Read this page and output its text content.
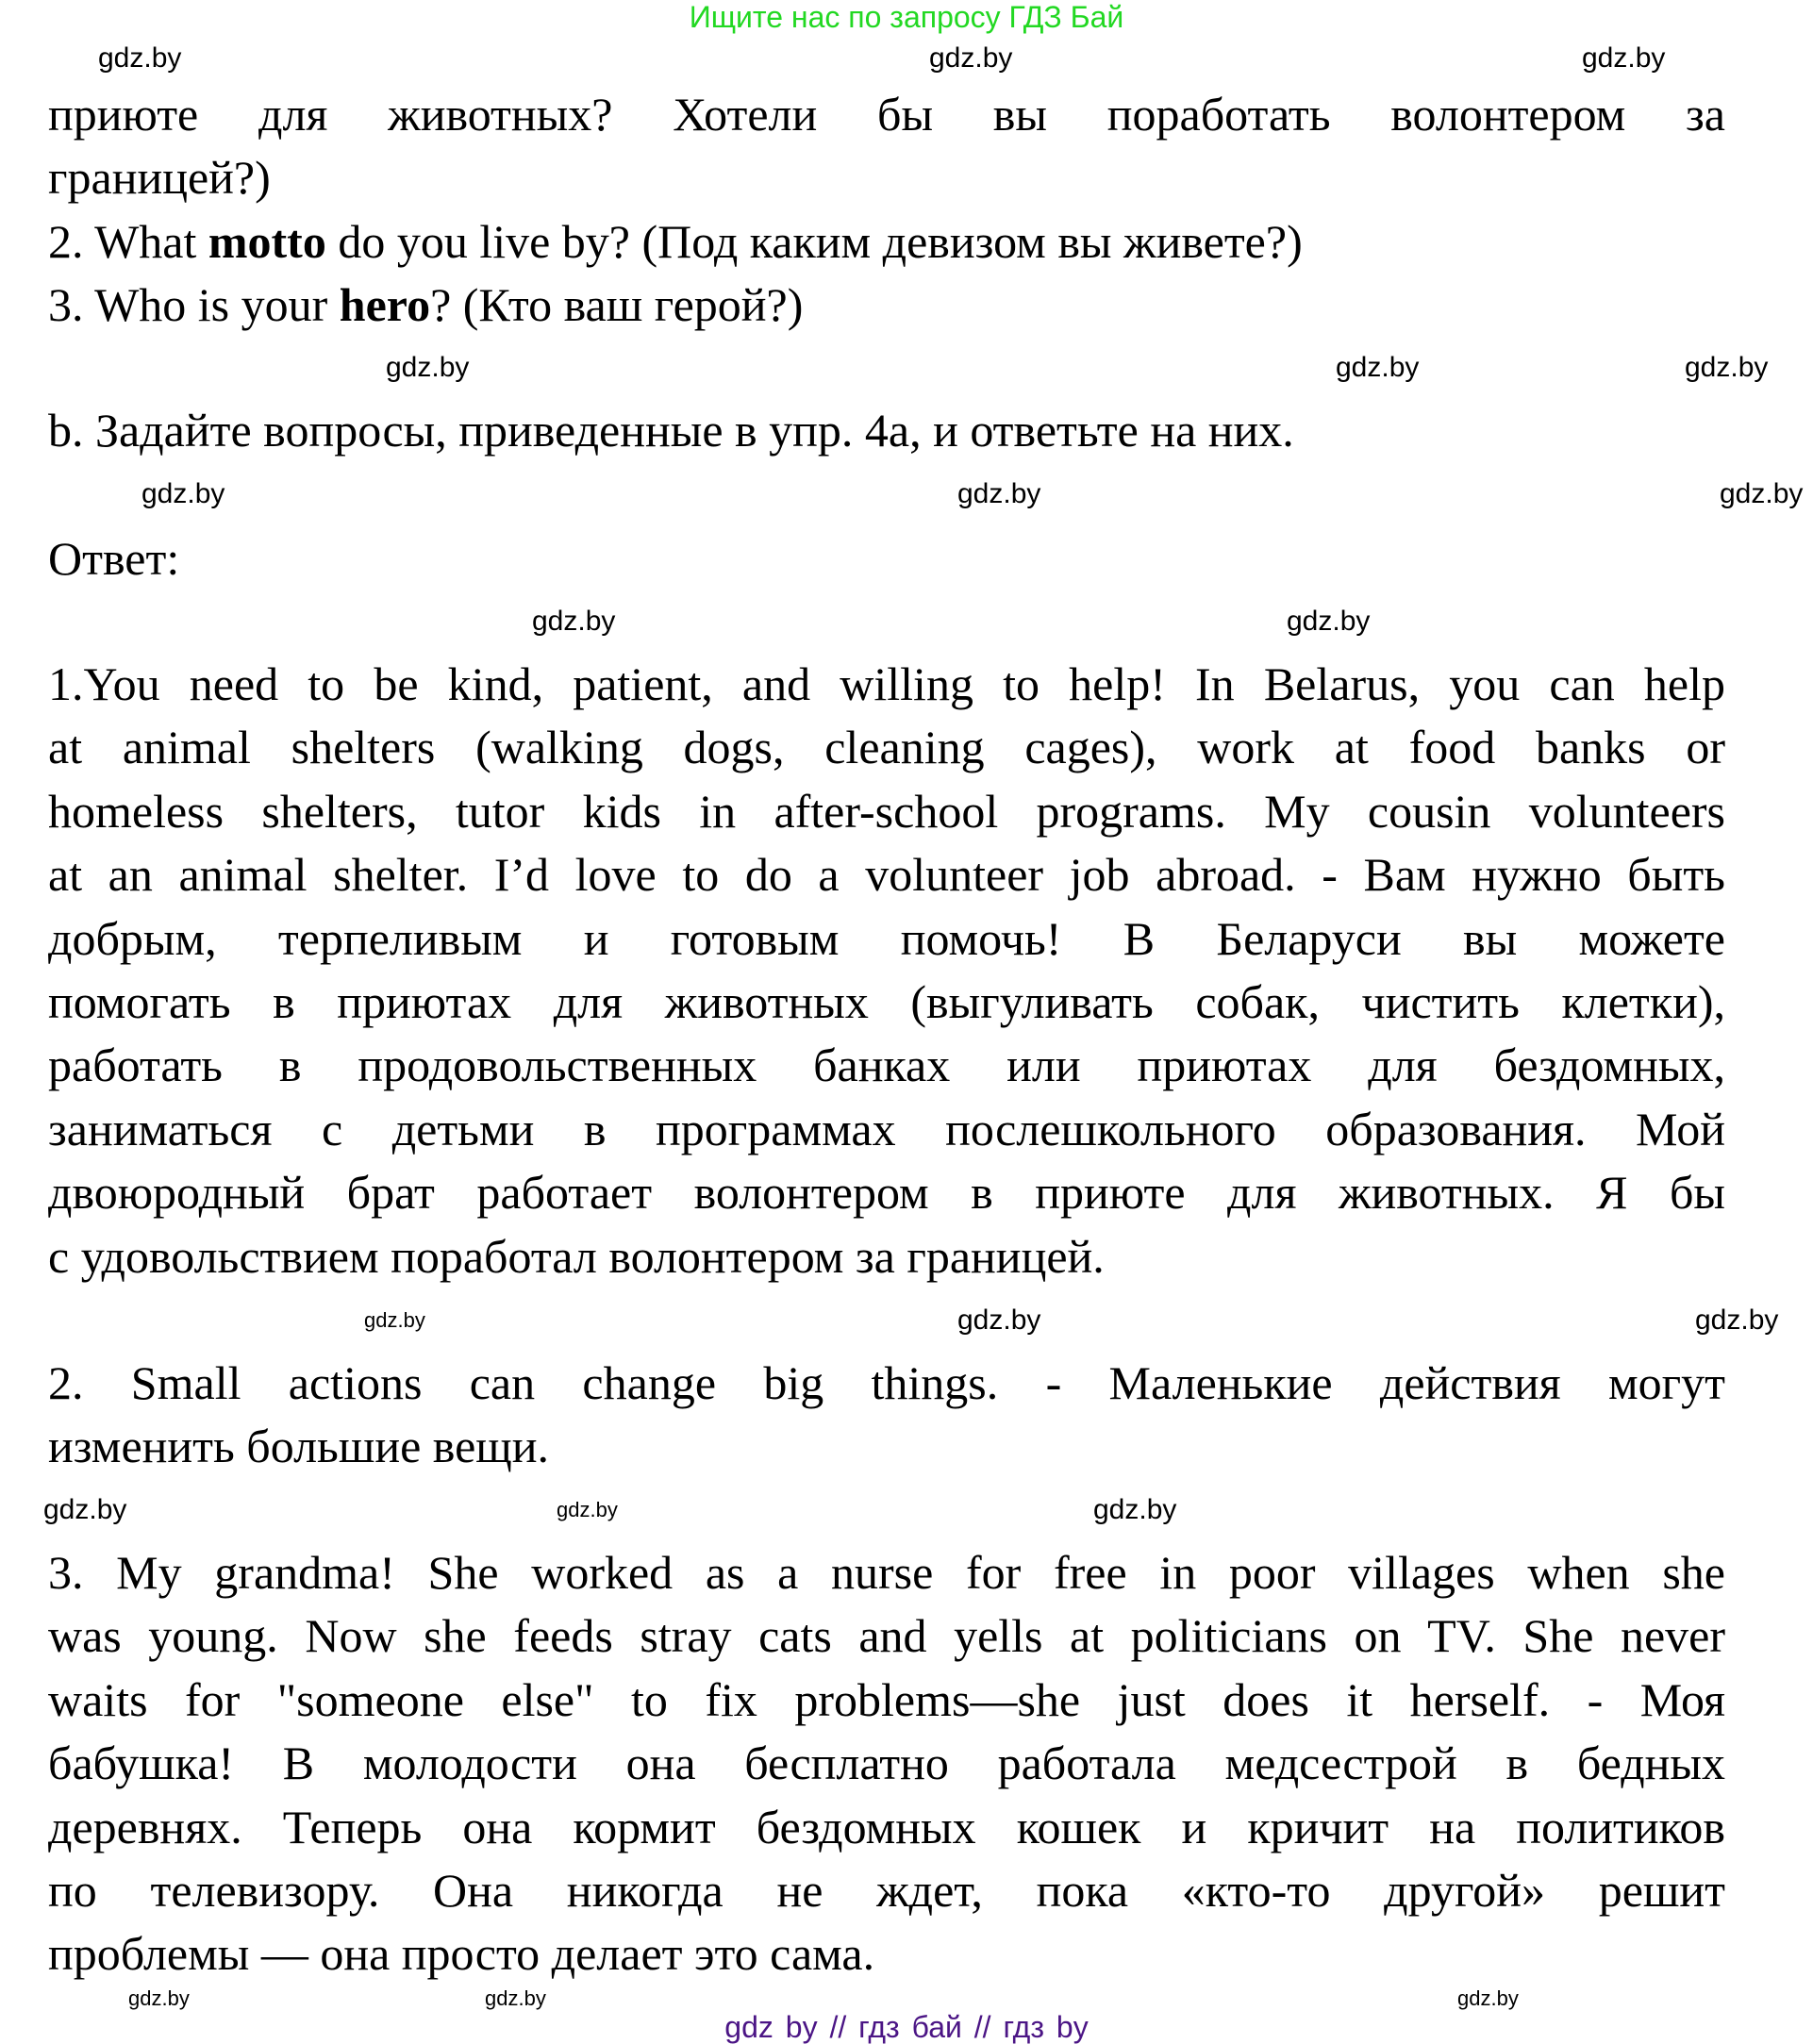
Ищите нас по запросу ГДЗ Бай
приюте для животных? Хотели бы вы поработать волонтером за
границей?)
2. What motto do you live by? (Под каким девизом вы живете?)
3. Who is your hero? (Кто ваш герой?)
b. Задайте вопросы, приведенные в упр. 4a, и ответьте на них.
Ответ:
1.You need to be kind, patient, and willing to help! In Belarus, you can help
at animal shelters (walking dogs, cleaning cages), work at food banks or
homeless shelters, tutor kids in after-school programs. My cousin volunteers
at an animal shelter. I’d love to do a volunteer job abroad. - Вам нужно быть
добрым, терпеливым и готовым помочь! В Беларуси вы можете
помогать в приютах для животных (выгуливать собак, чистить клетки),
работать в продовольственных банках или приютах для бездомных,
заниматься с детьми в программах послешкольного образования. Мой
двоюродный брат работает волонтером в приюте для животных. Я бы
с удовольствием поработал волонтером за границей.
2. Small actions can change big things. - Маленькие действия могут
изменить большие вещи.
3. My grandma! She worked as a nurse for free in poor villages when she
was young. Now she feeds stray cats and yells at politicians on TV. She never
waits for "someone else" to fix problems—she just does it herself. - Моя
бабушка! В молодости она бесплатно работала медсестрой в бедных
деревнях. Теперь она кормит бездомных кошек и кричит на политиков
по телевизору. Она никогда не ждет, пока «кто-то другой» решит
проблемы — она просто делает это сама.
gdz.by	gdz.by	gdz.by
gdz.by	gdz.by	gdz.by
gdz.by	gdz.by	gdz.by
gdz.by	gdz.by
gdz.by	gdz.by	gdz.by
gdz.by	gdz.by	gdz.by
gdz.by	gdz.by	gdz.by
gdz by // гдз бай // гдз by
